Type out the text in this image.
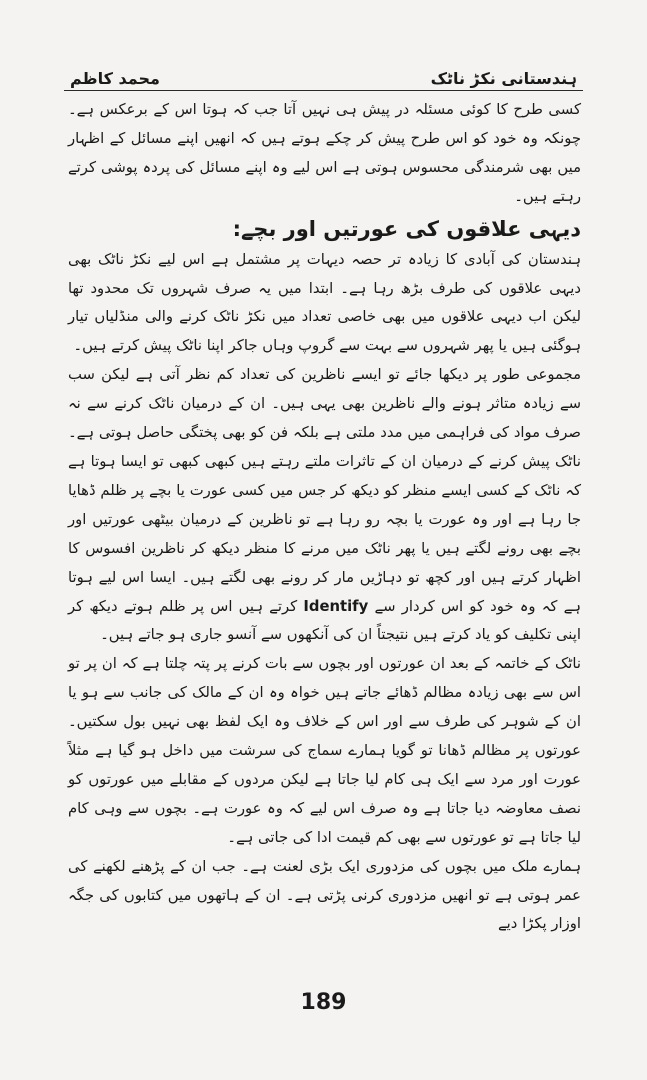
محمد کاظم	ہندستانی نکڑ ناٹک

کسی طرح کا کوئی مسئلہ در پیش ہی نہیں آتا جب کہ ہوتا اس کے برعکس ہے۔ چونکہ وہ خود کو اس طرح پیش کر چکے ہوتے ہیں کہ انھیں اپنے مسائل کے اظہار میں بھی شرمندگی محسوس ہوتی ہے اس لیے وہ اپنے مسائل کی پردہ پوشی کرتے رہتے ہیں۔

دیہی علاقوں کی عورتیں اور بچے:

ہندستان کی آبادی کا زیادہ تر حصہ دیہات پر مشتمل ہے اس لیے نکڑ ناٹک بھی دیہی علاقوں کی طرف بڑھ رہا ہے۔ ابتدا میں یہ صرف شہروں تک محدود تھا لیکن اب دیہی علاقوں میں بھی خاصی تعداد میں نکڑ ناٹک کرنے والی منڈلیاں تیار ہوگئی ہیں یا پھر شہروں سے بہت سے گروپ وہاں جاکر اپنا ناٹک پیش کرتے ہیں۔

مجموعی طور پر دیکھا جائے تو ایسے ناظرین کی تعداد کم نظر آتی ہے لیکن سب سے زیادہ متاثر ہونے والے ناظرین بھی یہی ہیں۔ ان کے درمیان ناٹک کرنے سے نہ صرف مواد کی فراہمی میں مدد ملتی ہے بلکہ فن کو بھی پختگی حاصل ہوتی ہے۔ ناٹک پیش کرنے کے درمیان ان کے تاثرات ملتے رہتے ہیں کبھی کبھی تو ایسا ہوتا ہے کہ ناٹک کے کسی ایسے منظر کو دیکھ کر جس میں کسی عورت یا بچے پر ظلم ڈھایا جا رہا ہے اور وہ عورت یا بچہ رو رہا ہے تو ناظرین کے درمیان بیٹھی عورتیں اور بچے بھی رونے لگتے ہیں یا پھر ناٹک میں مرنے کا منظر دیکھ کر ناظرین افسوس کا اظہار کرتے ہیں اور کچھ تو دہاڑیں مار کر رونے بھی لگتے ہیں۔ ایسا اس لیے ہوتا ہے کہ وہ خود کو اس کردار سے Identify کرتے ہیں اس پر ظلم ہوتے دیکھ کر اپنی تکلیف کو یاد کرتے ہیں نتیجتاً ان کی آنکھوں سے آنسو جاری ہو جاتے ہیں۔

ناٹک کے خاتمہ کے بعد ان عورتوں اور بچوں سے بات کرنے پر پتہ چلتا ہے کہ ان پر تو اس سے بھی زیادہ مظالم ڈھائے جاتے ہیں خواہ وہ ان کے مالک کی جانب سے ہو یا ان کے شوہر کی طرف سے اور اس کے خلاف وہ ایک لفظ بھی نہیں بول سکتیں۔ عورتوں پر مظالم ڈھانا تو گویا ہمارے سماج کی سرشت میں داخل ہو گیا ہے مثلاً عورت اور مرد سے ایک ہی کام لیا جاتا ہے لیکن مردوں کے مقابلے میں عورتوں کو نصف معاوضہ دیا جاتا ہے وہ صرف اس لیے کہ وہ عورت ہے۔ بچوں سے وہی کام لیا جاتا ہے تو عورتوں سے بھی کم قیمت ادا کی جاتی ہے۔

ہمارے ملک میں بچوں کی مزدوری ایک بڑی لعنت ہے۔ جب ان کے پڑھنے لکھنے کی عمر ہوتی ہے تو انھیں مزدوری کرنی پڑتی ہے۔ ان کے ہاتھوں میں کتابوں کی جگہ اوزار پکڑا دیے

189
